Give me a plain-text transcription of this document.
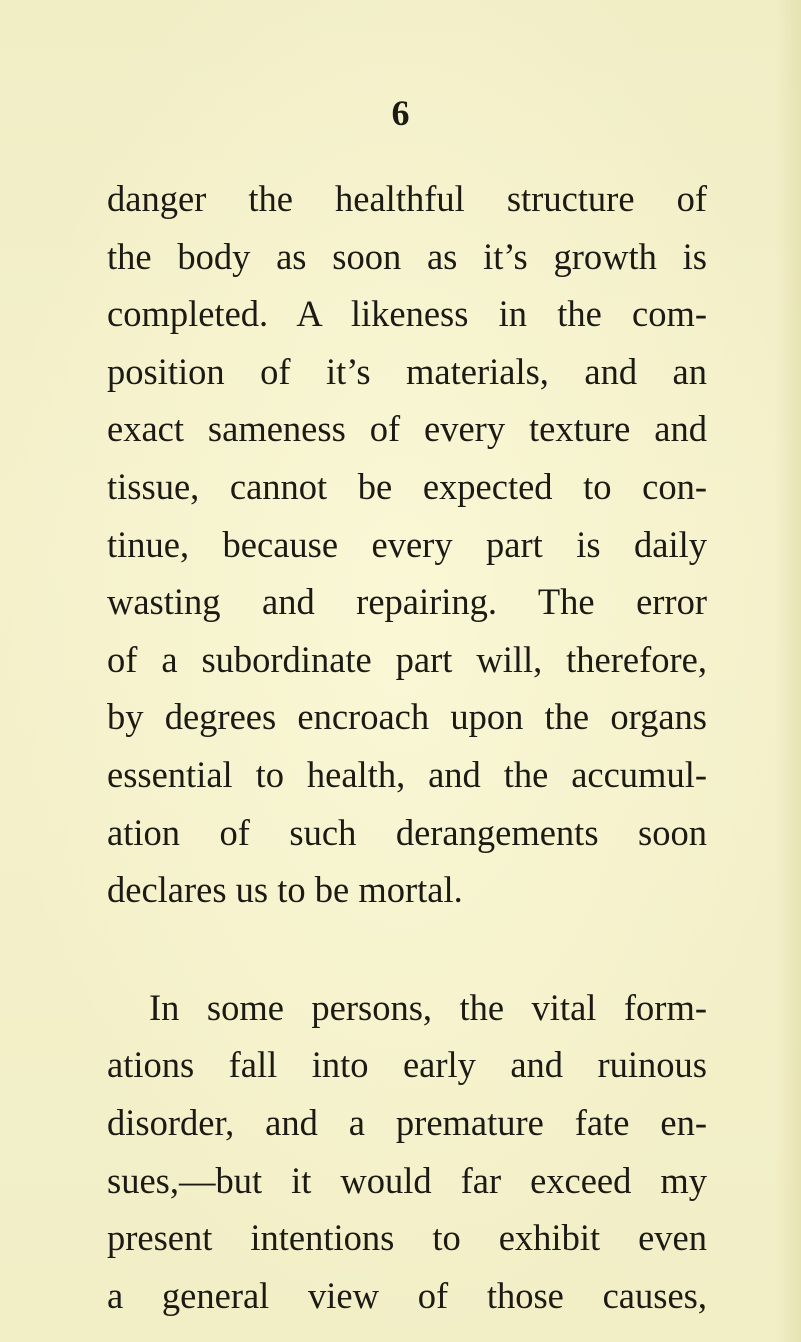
6
danger the healthful structure of
the body as soon as it’s growth is
completed. A likeness in the com-
position of it’s materials, and an
exact sameness of every texture and
tissue, cannot be expected to con-
tinue, because every part is daily
wasting and repairing. The error
of a subordinate part will, therefore,
by degrees encroach upon the organs
essential to health, and the accumul-
ation of such derangements soon
declares us to be mortal.
In some persons, the vital form-
ations fall into early and ruinous
disorder, and a premature fate en-
sues,—but it would far exceed my
present intentions to exhibit even
a general view of those causes,
